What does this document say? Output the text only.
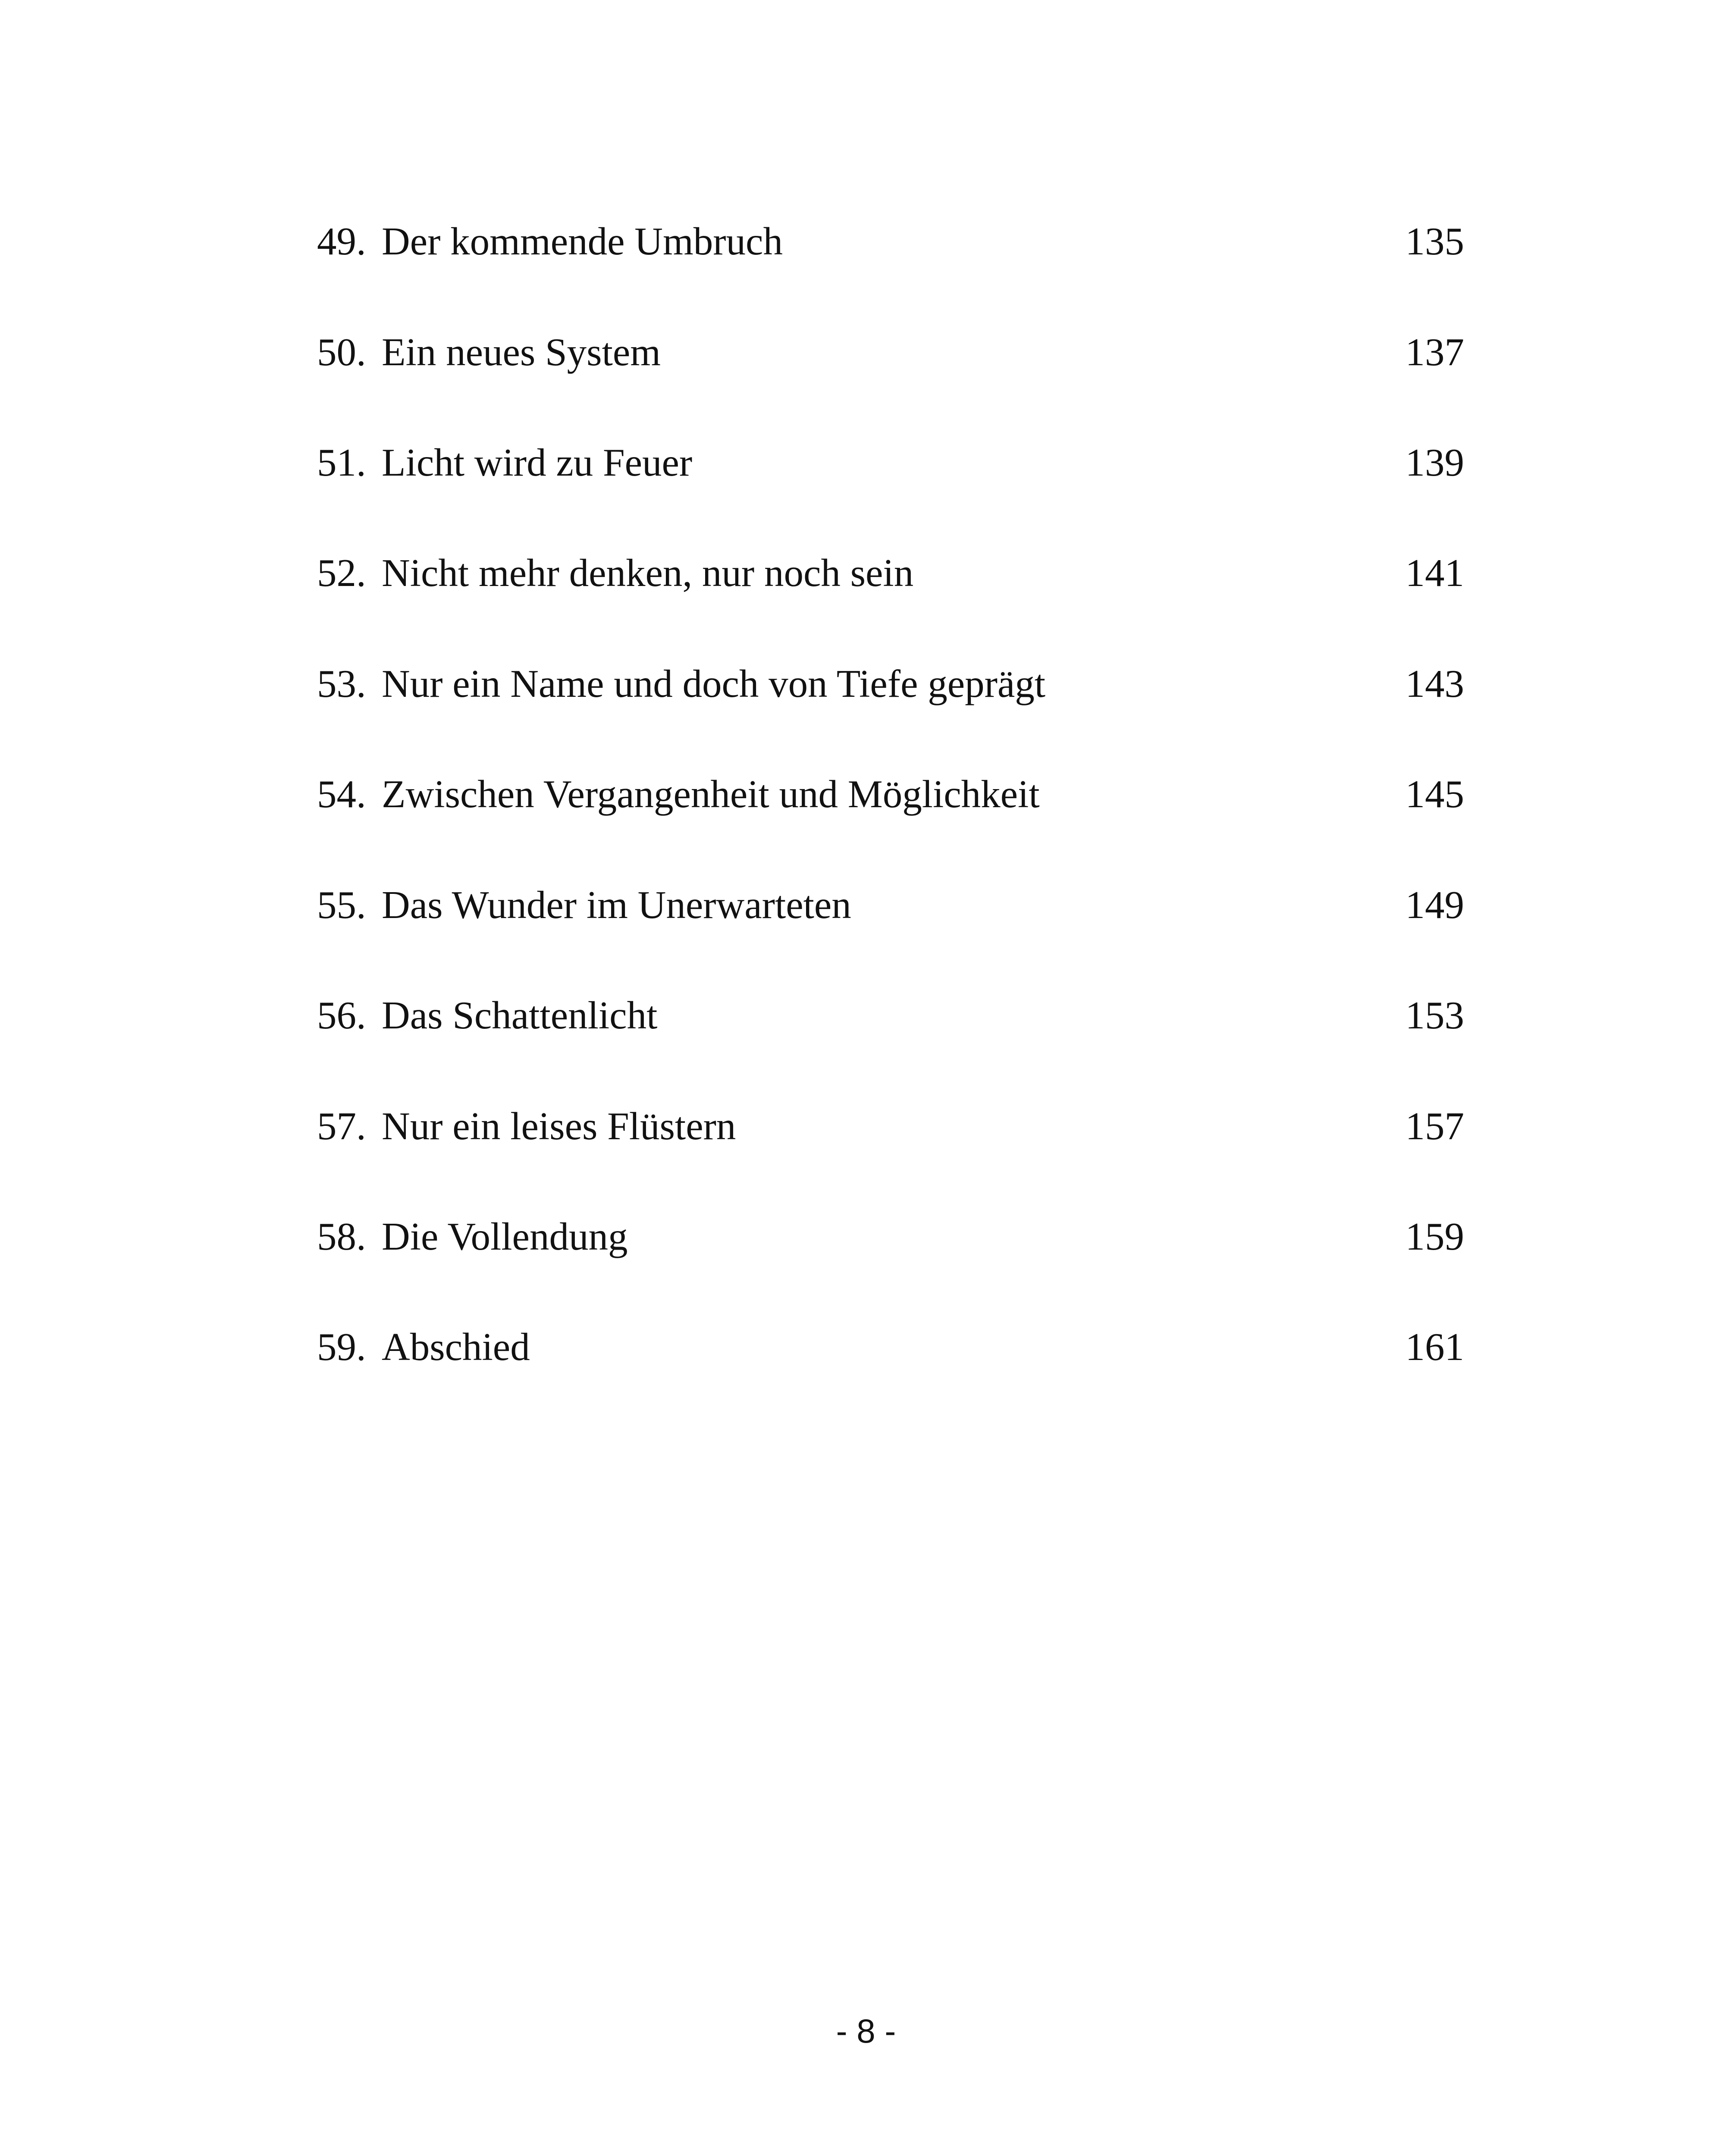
49. Der kommende Umbruch	135
50. Ein neues System	137
51. Licht wird zu Feuer	139
52. Nicht mehr denken, nur noch sein	141
53. Nur ein Name und doch von Tiefe geprägt	143
54. Zwischen Vergangenheit und Möglichkeit	145
55. Das Wunder im Unerwarteten	149
56. Das Schattenlicht	153
57. Nur ein leises Flüstern	157
58. Die Vollendung	159
59. Abschied	161
- 8 -
